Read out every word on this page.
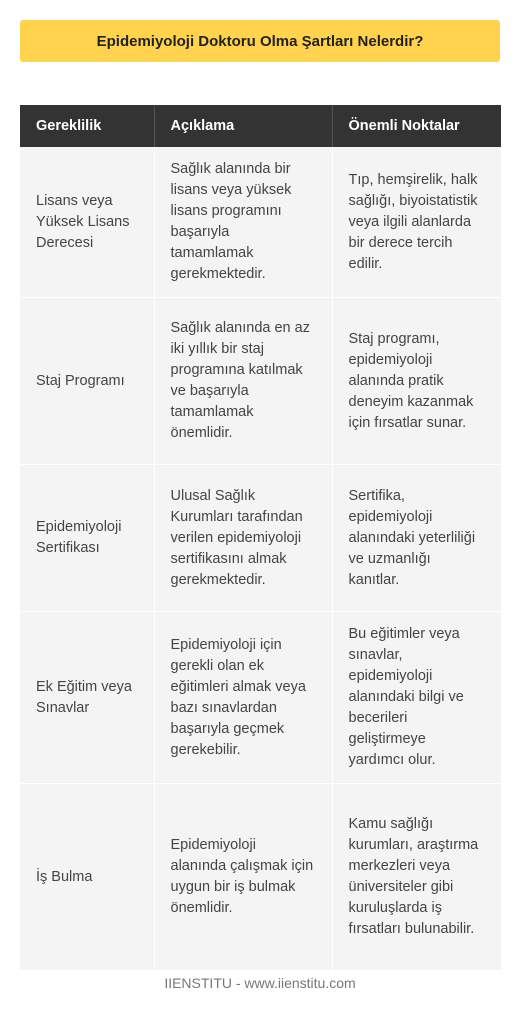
Epidemiyoloji Doktoru Olma Şartları Nelerdir?
Gereklilik	Açıklama	Önemli Noktalar
Lisans veya Yüksek Lisans Derecesi	Sağlık alanında bir lisans veya yüksek lisans programını başarıyla tamamlamak gerekmektedir.	Tıp, hemşirelik, halk sağlığı, biyoistatistik veya ilgili alanlarda bir derece tercih edilir.
Staj Programı	Sağlık alanında en az iki yıllık bir staj programına katılmak ve başarıyla tamamlamak önemlidir.	Staj programı, epidemiyoloji alanında pratik deneyim kazanmak için fırsatlar sunar.
Epidemiyoloji Sertifikası	Ulusal Sağlık Kurumları tarafından verilen epidemiyoloji sertifikasını almak gerekmektedir.	Sertifika, epidemiyoloji alanındaki yeterliliği ve uzmanlığı kanıtlar.
Ek Eğitim veya Sınavlar	Epidemiyoloji için gerekli olan ek eğitimleri almak veya bazı sınavlardan başarıyla geçmek gerekebilir.	Bu eğitimler veya sınavlar, epidemiyoloji alanındaki bilgi ve becerileri geliştirmeye yardımcı olur.
İş Bulma	Epidemiyoloji alanında çalışmak için uygun bir iş bulmak önemlidir.	Kamu sağlığı kurumları, araştırma merkezleri veya üniversiteler gibi kuruluşlarda iş fırsatları bulunabilir.
IIENSTITU - www.iienstitu.com
